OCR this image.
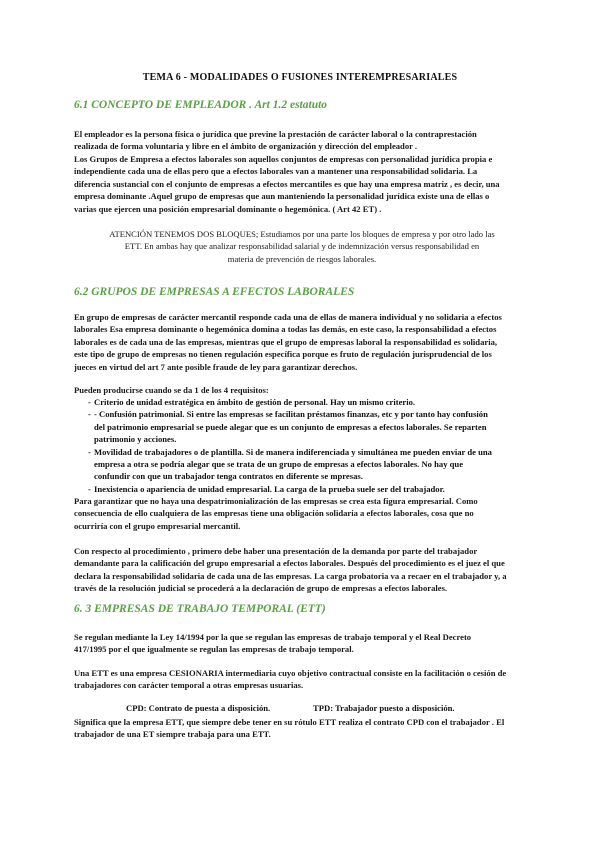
TEMA 6 - MODALIDADES O FUSIONES INTEREMPRESARIALES
6.1 CONCEPTO DE EMPLEADOR . Art 1.2 estatuto

El empleador es la persona física o jurídica que previne la prestación de carácter laboral o la contraprestación
realizada de forma voluntaria y libre en el ámbito de organización y dirección del empleador .

Los Grupos de Empresa a efectos laborales son aquellos conjuntos de empresas con personalidad jurídica propia e
independiente cada una de ellas pero que a efectos laborales van a mantener una responsabilidad solidaria. La
diferencia sustancial con el conjunto de empresas a efectos mercantiles es que hay una empresa matriz , es decir, una
empresa dominante .Aquel grupo de empresas que aun manteniendo la personalidad jurídica existe una de ellas o
varias que ejercen una posición empresarial dominante o hegemónica. ( Art 42 ET) .

ATENCIÓN TENEMOS DOS BLOQUES; Estudiamos por una parte los bloques de empresa y por otro lado las
ETT. En ambas hay que analizar responsabilidad salarial y de indemnización versus responsabilidad en
materia de prevención de riesgos laborales.

6.2 GRUPOS DE EMPRESAS A EFECTOS LABORALES

En grupo de empresas de carácter mercantil responde cada una de ellas de manera individual y no solidaria a efectos
laborales Esa empresa dominante o hegemónica domina a todas las demás, en este caso, la responsabilidad a efectos
laborales es de cada una de las empresas, mientras que el grupo de empresas laboral la responsabilidad es solidaria,
este tipo de grupo de empresas no tienen regulación específica porque es fruto de regulación jurisprudencial de los
jueces en virtud del art 7 ante posible fraude de ley para garantizar derechos.

Pueden producirse cuando se da 1 de los 4 requisitos:

- Criterio de unidad estratégica en ámbito de gestión de personal. Hay un mismo criterio.
- - Confusión patrimonial. Si entre las empresas se facilitan préstamos finanzas, etc y por tanto hay confusión
del patrimonio empresarial se puede alegar que es un conjunto de empresas a efectos laborales. Se reparten
patrimonio y acciones.
- Movilidad de trabajadores o de plantilla. Si de manera indiferenciada y simultánea me pueden enviar de una
empresa a otra se podría alegar que se trata de un grupo de empresas a efectos laborales. No hay que
confundir con que un trabajador tenga contratos en diferente se mpresas.
- Inexistencia o apariencia de unidad empresarial. La carga de la prueba suele ser del trabajador.

Para garantizar que no haya una despatrimonialización de las empresas se crea esta figura empresarial. Como
consecuencia de ello cualquiera de las empresas tiene una obligación solidaria a efectos laborales, cosa que no
ocurriría con el grupo empresarial mercantil.

Con respecto al procedimiento , primero debe haber una presentación de la demanda por parte del trabajador
demandante para la calificación del grupo empresarial a efectos laborales. Después del procedimiento es el juez el que
declara la responsabilidad solidaria de cada una de las empresas. La carga probatoria va a recaer en el trabajador y, a
través de la resolución judicial se procederá a la declaración de grupo de empresas a efectos laborales.

6. 3 EMPRESAS DE TRABAJO TEMPORAL (ETT)

Se regulan mediante la Ley 14/1994 por la que se regulan las empresas de trabajo temporal y el Real Decreto
417/1995 por el que igualmente se regulan las empresas de trabajo temporal.

Una ETT es una empresa CESIONARIA intermediaria cuyo objetivo contractual consiste en la facilitación o cesión de
trabajadores con carácter temporal a otras empresas usuarias.

CPD: Contrato de puesta a disposición.	TPD: Trabajador puesto a disposición.

Significa que la empresa ETT, que siempre debe tener en su rótulo ETT realiza el contrato CPD con el trabajador . El
trabajador de una ET siempre trabaja para una ETT.
